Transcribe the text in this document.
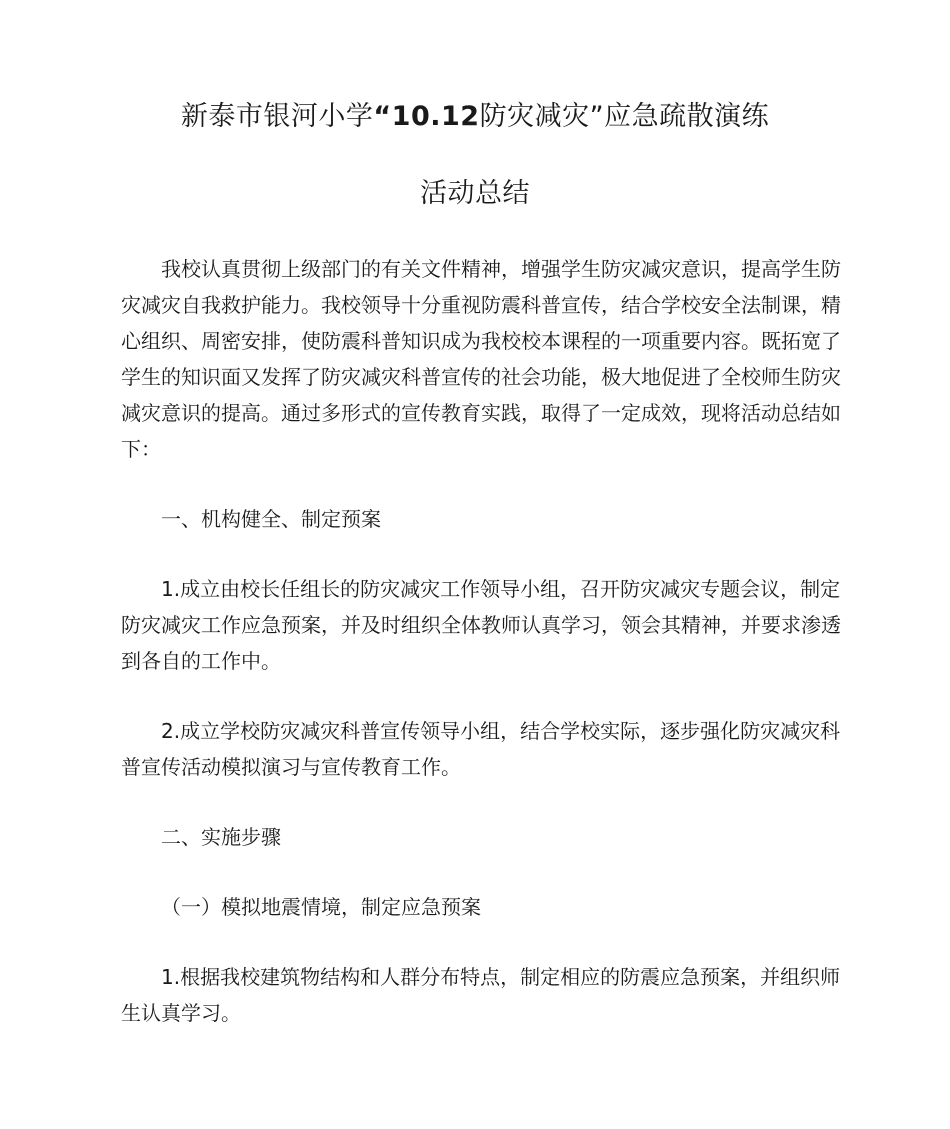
新泰市银河小学“10.12防灾减灾”应急疏散演练
活动总结

我校认真贯彻上级部门的有关文件精神，增强学生防灾减灾意识，提高学生防灾减灾自我救护能力。我校领导十分重视防震科普宣传，结合学校安全法制课，精心组织、周密安排，使防震科普知识成为我校校本课程的一项重要内容。既拓宽了学生的知识面又发挥了防灾减灾科普宣传的社会功能，极大地促进了全校师生防灾减灾意识的提高。通过多形式的宣传教育实践，取得了一定成效，现将活动总结如下：

一、机构健全、制定预案

1.成立由校长任组长的防灾减灾工作领导小组，召开防灾减灾专题会议，制定防灾减灾工作应急预案，并及时组织全体教师认真学习，领会其精神，并要求渗透到各自的工作中。

2.成立学校防灾减灾科普宣传领导小组，结合学校实际，逐步强化防灾减灾科普宣传活动模拟演习与宣传教育工作。

二、实施步骤

（一）模拟地震情境，制定应急预案

1.根据我校建筑物结构和人群分布特点，制定相应的防震应急预案，并组织师生认真学习。
